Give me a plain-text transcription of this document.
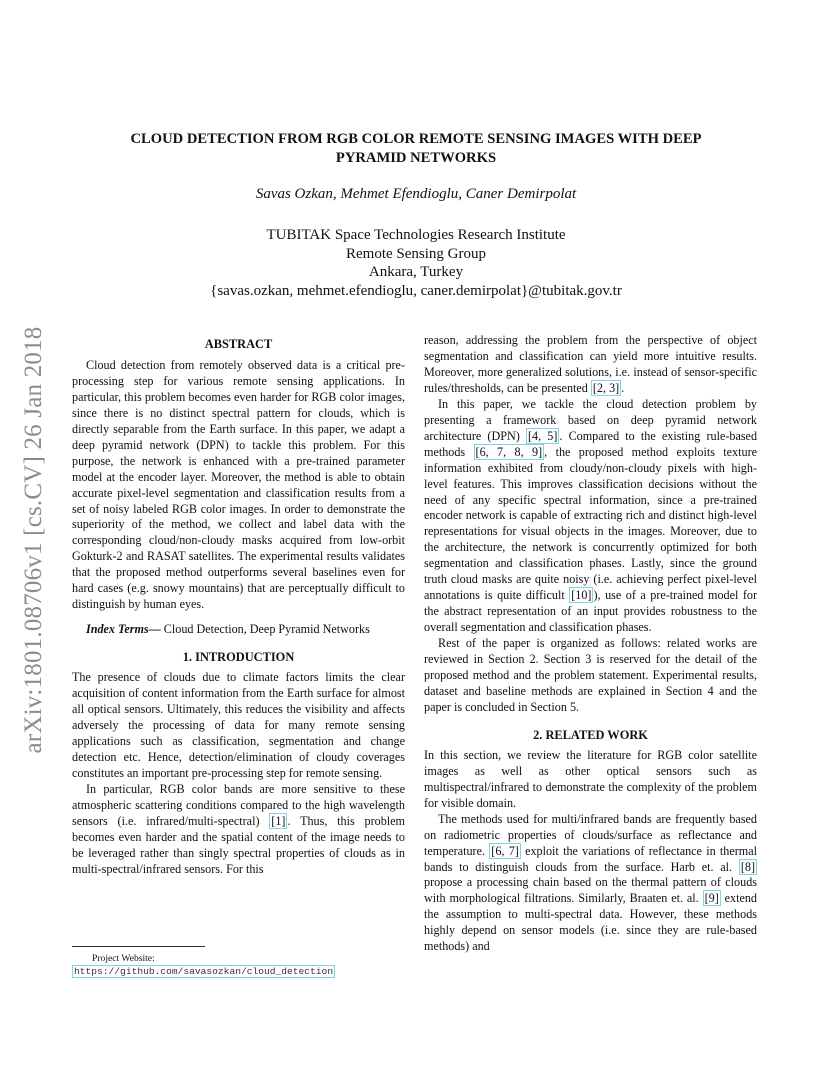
arXiv:1801.08706v1 [cs.CV] 26 Jan 2018
CLOUD DETECTION FROM RGB COLOR REMOTE SENSING IMAGES WITH DEEP
PYRAMID NETWORKS
Savas Ozkan, Mehmet Efendioglu, Caner Demirpolat
TUBITAK Space Technologies Research Institute
Remote Sensing Group
Ankara, Turkey
{savas.ozkan, mehmet.efendioglu, caner.demirpolat}@tubitak.gov.tr
ABSTRACT

Cloud detection from remotely observed data is a critical pre-processing step for various remote sensing applications. In particular, this problem becomes even harder for RGB color images, since there is no distinct spectral pattern for clouds, which is directly separable from the Earth surface. In this paper, we adapt a deep pyramid network (DPN) to tackle this problem. For this purpose, the network is enhanced with a pre-trained parameter model at the encoder layer. Moreover, the method is able to obtain accurate pixel-level segmentation and classification results from a set of noisy labeled RGB color images. In order to demonstrate the superiority of the method, we collect and label data with the corresponding cloud/non-cloudy masks acquired from low-orbit Gokturk-2 and RASAT satellites. The experimental results validates that the proposed method outperforms several baselines even for hard cases (e.g. snowy mountains) that are perceptually difficult to distinguish by human eyes.

Index Terms— Cloud Detection, Deep Pyramid Networks

1. INTRODUCTION

The presence of clouds due to climate factors limits the clear acquisition of content information from the Earth surface for almost all optical sensors. Ultimately, this reduces the visibility and affects adversely the processing of data for many remote sensing applications such as classification, segmentation and change detection etc. Hence, detection/elimination of cloudy coverages constitutes an important pre-processing step for remote sensing.

In particular, RGB color bands are more sensitive to these atmospheric scattering conditions compared to the high wavelength sensors (i.e. infrared/multi-spectral) [1] . Thus, this problem becomes even harder and the spatial content of the image needs to be leveraged rather than singly spectral properties of clouds as in multi-spectral/infrared sensors. For this

reason, addressing the problem from the perspective of object segmentation and classification can yield more intuitive results. Moreover, more generalized solutions, i.e. instead of sensor-specific rules/thresholds, can be presented [2, 3] .

In this paper, we tackle the cloud detection problem by presenting a framework based on deep pyramid network architecture (DPN) [4, 5] . Compared to the existing rule-based methods [6, 7, 8, 9] , the proposed method exploits texture information exhibited from cloudy/non-cloudy pixels with high-level features. This improves classification decisions without the need of any specific spectral information, since a pre-trained encoder network is capable of extracting rich and distinct high-level representations for visual objects in the images. Moreover, due to the architecture, the network is concurrently optimized for both segmentation and classification phases. Lastly, since the ground truth cloud masks are quite noisy (i.e. achieving perfect pixel-level annotations is quite difficult [10] ), use of a pre-trained model for the abstract representation of an input provides robustness to the overall segmentation and classification phases.

Rest of the paper is organized as follows: related works are reviewed in Section 2. Section 3 is reserved for the detail of the proposed method and the problem statement. Experimental results, dataset and baseline methods are explained in Section 4 and the paper is concluded in Section 5.

2. RELATED WORK

In this section, we review the literature for RGB color satellite images as well as other optical sensors such as multispectral/infrared to demonstrate the complexity of the problem for visible domain.

The methods used for multi/infrared bands are frequently based on radiometric properties of clouds/surface as reflectance and temperature. [6, 7] exploit the variations of reflectance in thermal bands to distinguish clouds from the surface. Harb et. al. [8] propose a processing chain based on the thermal pattern of clouds with morphological filtrations. Similarly, Braaten et. al. [9] extend the assumption to multi-spectral data. However, these methods highly depend on sensor models (i.e. since they are rule-based methods) and

Project Website: https://github.com/savasozkan/cloud_detection
